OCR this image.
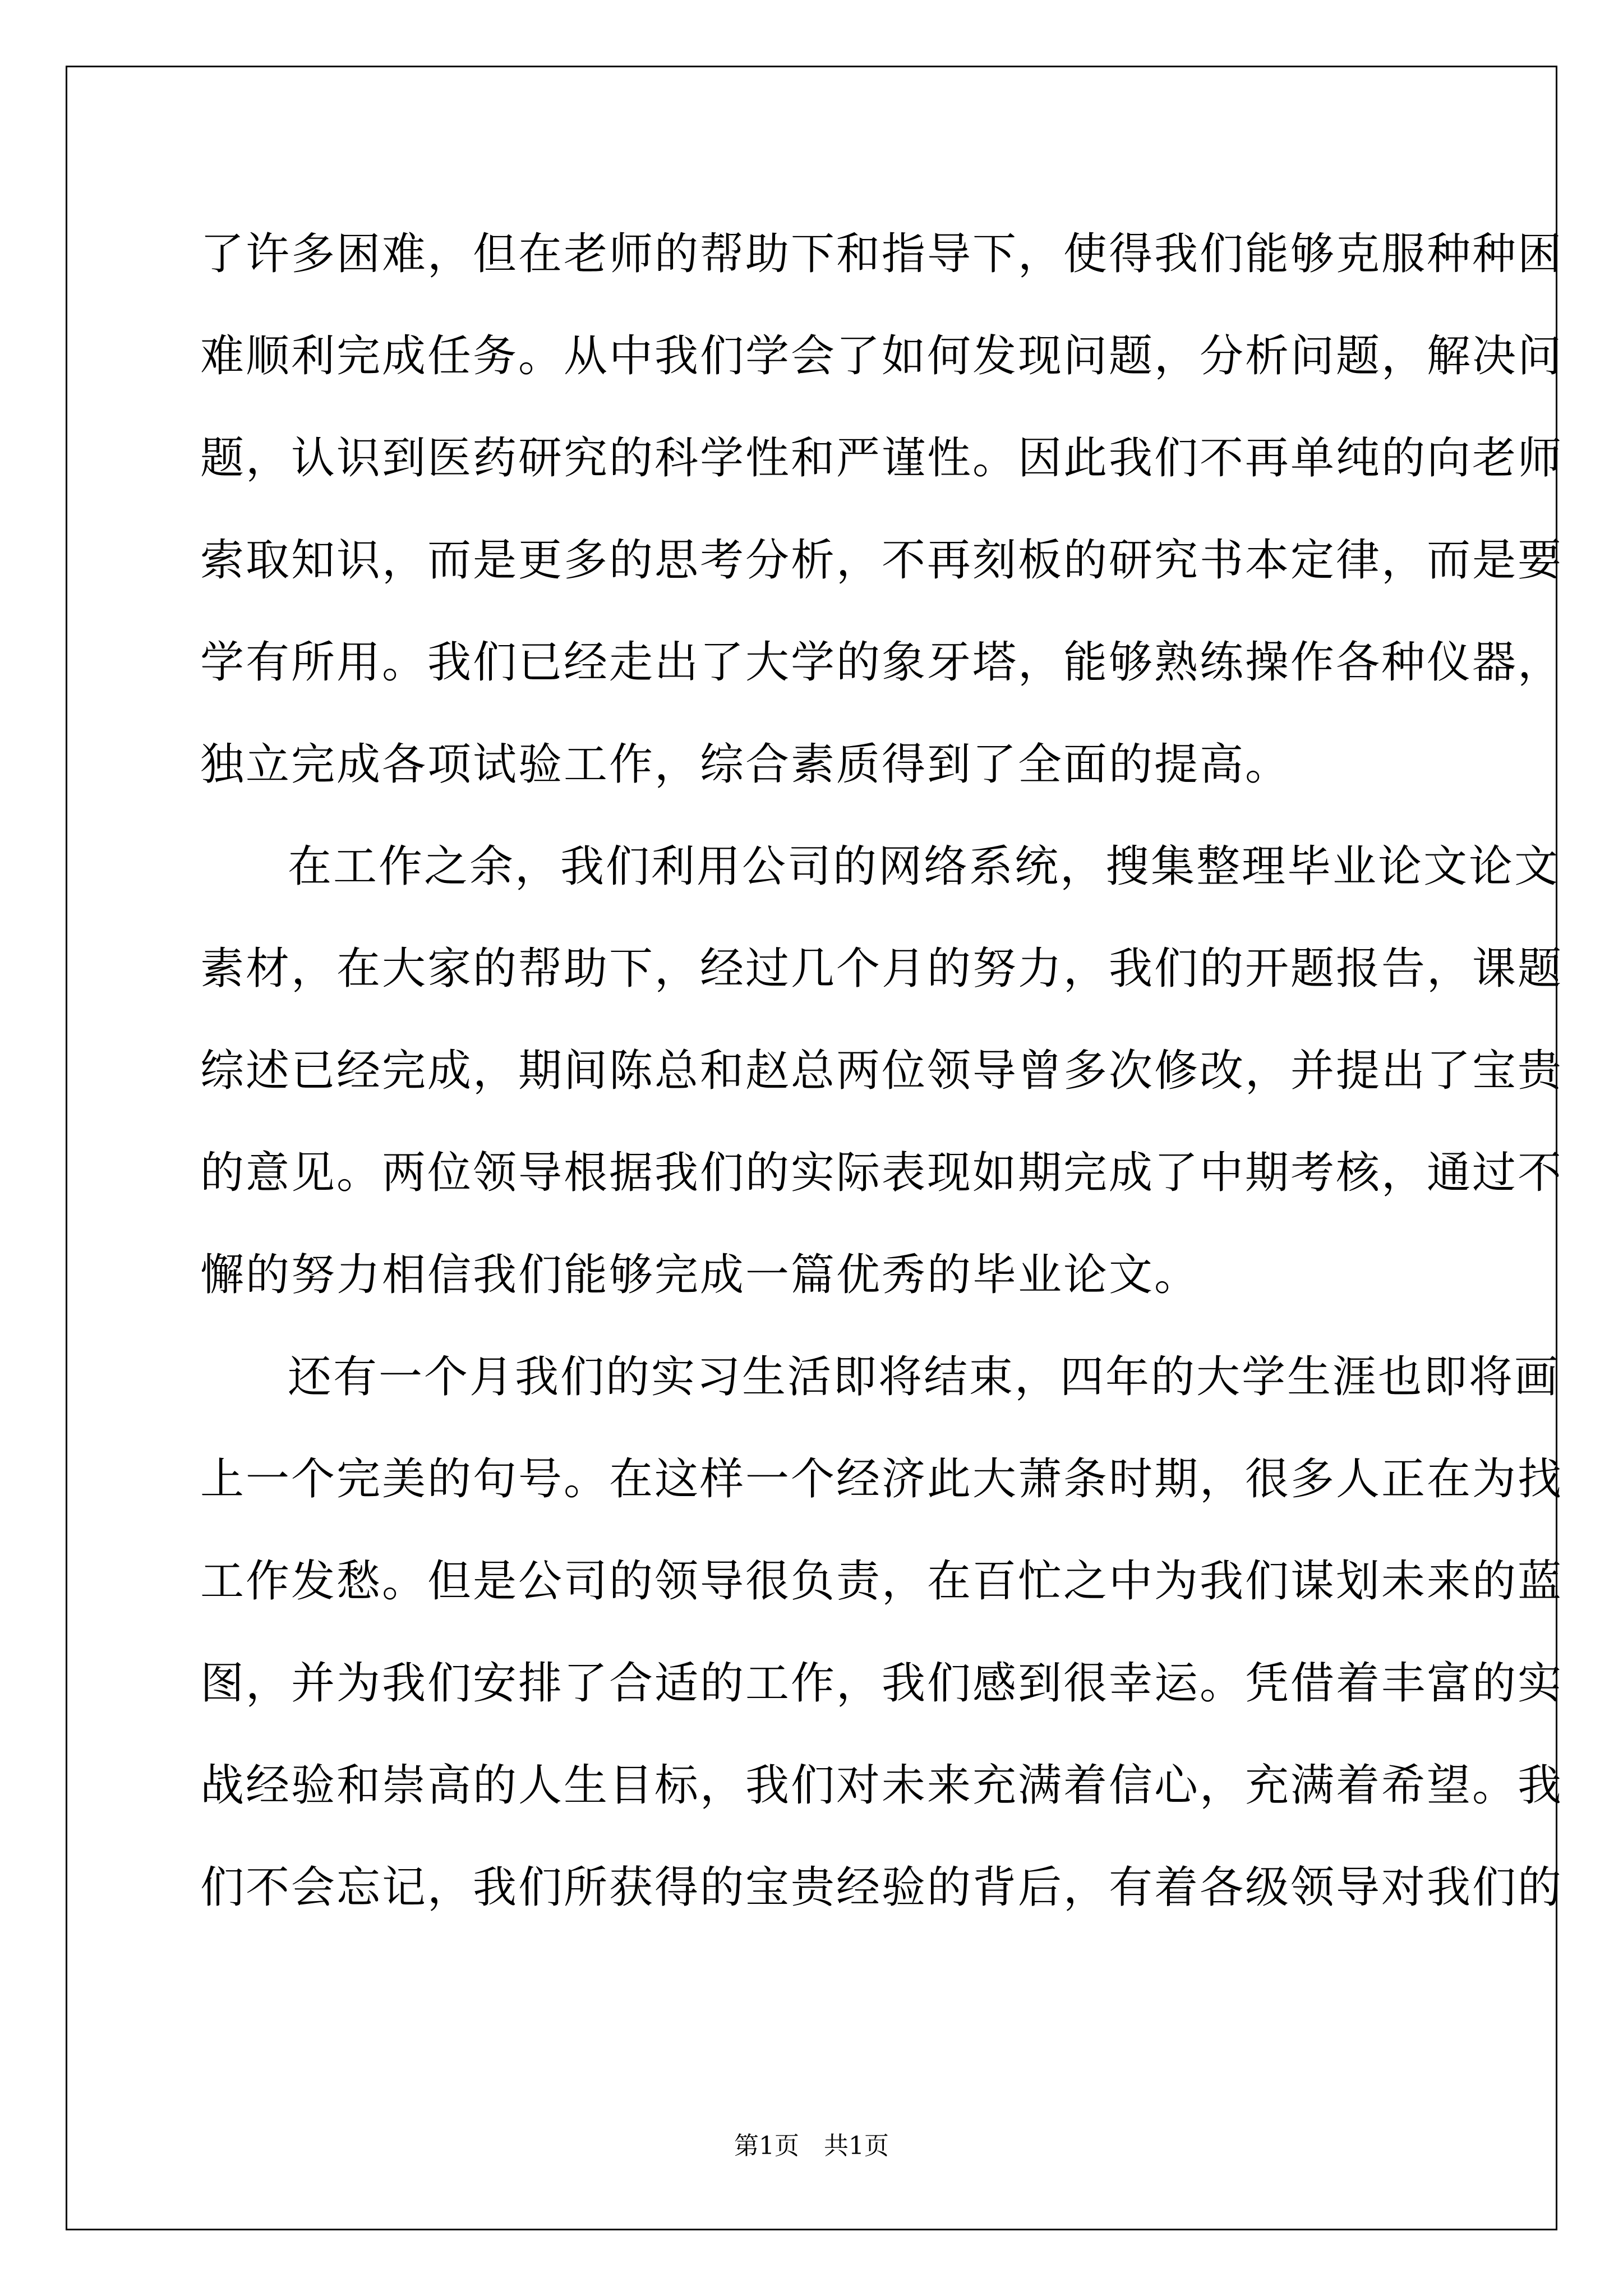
了许多困难，但在老师的帮助下和指导下，使得我们能够克服种种困
难顺利完成任务。从中我们学会了如何发现问题，分析问题，解决问
题，认识到医药研究的科学性和严谨性。因此我们不再单纯的向老师
索取知识，而是更多的思考分析，不再刻板的研究书本定律，而是要
学有所用。我们已经走出了大学的象牙塔，能够熟练操作各种仪器，
独立完成各项试验工作，综合素质得到了全面的提高。
在工作之余，我们利用公司的网络系统，搜集整理毕业论文论文
素材，在大家的帮助下，经过几个月的努力，我们的开题报告，课题
综述已经完成，期间陈总和赵总两位领导曾多次修改，并提出了宝贵
的意见。两位领导根据我们的实际表现如期完成了中期考核，通过不
懈的努力相信我们能够完成一篇优秀的毕业论文。
还有一个月我们的实习生活即将结束，四年的大学生涯也即将画
上一个完美的句号。在这样一个经济此大萧条时期，很多人正在为找
工作发愁。但是公司的领导很负责，在百忙之中为我们谋划未来的蓝
图，并为我们安排了合适的工作，我们感到很幸运。凭借着丰富的实
战经验和崇高的人生目标，我们对未来充满着信心，充满着希望。我
们不会忘记，我们所获得的宝贵经验的背后，有着各级领导对我们的
第1页　共1页
